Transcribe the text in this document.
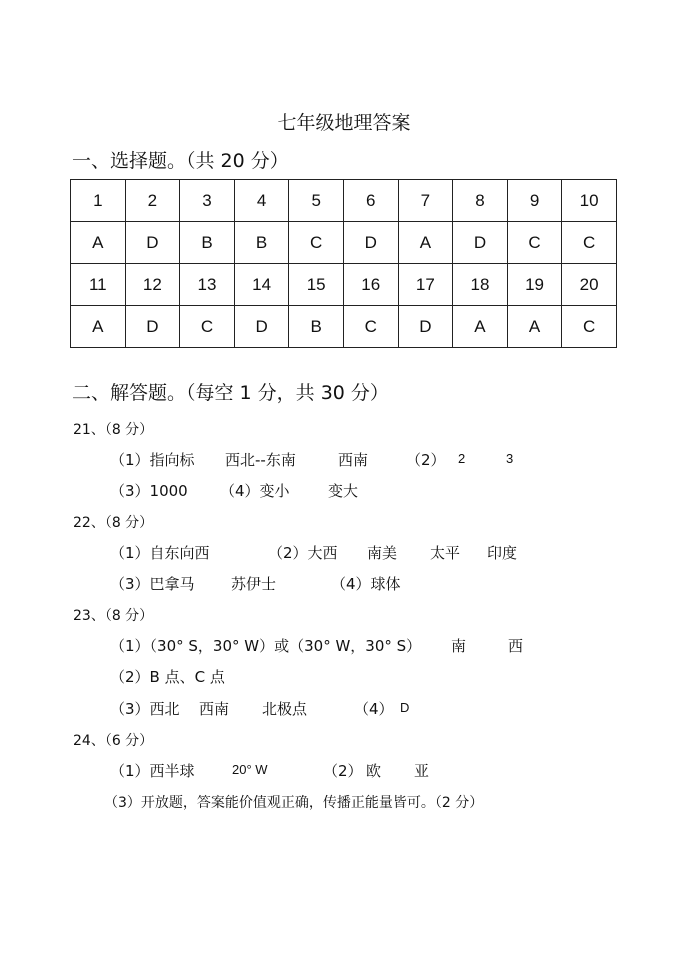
七年级地理答案
一、选择题。（共 20 分）
1	2	3	4	5	6	7	8	9	10
A	D	B	B	C	D	A	D	C	C
11	12	13	14	15	16	17	18	19	20
A	D	C	D	B	C	D	A	A	C
二、解答题。（每空 1 分，共 30 分）
21、（8 分）
（1）指向标 西北--东南	西南	（2） 2	3
（3）1000 （4）变小	变大
22、（8 分）
（1）自东向西	（2）大西 南美 太平 印度
（3）巴拿马 苏伊士	（4）球体
23、（8 分）
（1）（30° S，30° W）或（30° W，30° S） 南	西
（2）B 点、C 点
（3）西北 西南 北极点	（4） D
24、（6 分）
（1）西半球	20° W	（2） 欧 亚
（3）开放题，答案能价值观正确，传播正能量皆可。（2 分）
